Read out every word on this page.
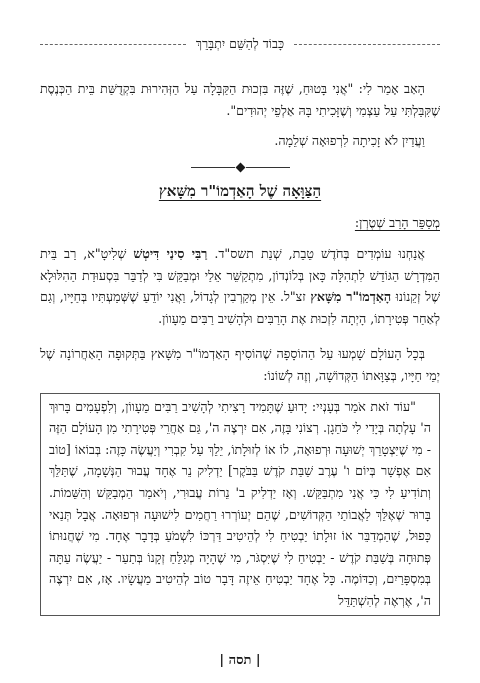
כָּבוֹד לְהַשֵּׁם יִתְבָּרֵךְ

הָאַב אָמַר לִי: "אֲנִי בָּטוּחַ, שֶׁזֶּה בִּזְכוּת הַקַּבָּלָה עַל הַזְּהִירוּת בִּקְדֻשַּׁת בֵּית הַכְּנֶסֶת שֶׁקִּבַּלְתִּי עַל עַצְמִי וְשֶׁזָּכִיתִי בָּהּ אַלְפֵי יְהוּדִים".

וַעֲדַיִן לֹא זָכִיתָה לִרְפוּאָה שְׁלֵמָה.

הַצַּוָּאָה שֶׁל הָאַדְמוֹ"ר מִשָּׁאץ

מְסַפֵּר הָרַב שְׁטֶרְן:

אֲנַחְנוּ עוֹמְדִים בְּחֹדֶשׁ טֵבֵת, שְׁנַת תשס"ד. רַבִּי סִינַי דִּיטְשׁ שְׁלִיטָ"א, רַב בֵּית הַמִּדְרָשׁ הַגּוֹדֵשׁ לִתְהִלָּה כָּאן בְּלוֹנְדוֹן, מִתְקַשֵּׁר אֵלַי וּמְבַקֵּשׁ בִּי לְדַבֵּר בִּסְעוּדַת הַהִלּוּלָא שֶׁל זְקֵנוֹנוּ הָאַדְמוֹ"ר מִשָּׁאץ זצ"ל. אֵין מְקַרְבִין לְגָדוֹל, וַאֲנִי יוֹדֵעַ שֶׁשְּׁמַעְתִּיו בְּחַיָּיו, וְגַם לְאַחַר פְּטִירָתוֹ, הָיְתָה לִזְכוּת אֶת הָרַבִּים וּלְהָשִׁיב רַבִּים מֵעָווֹן.

בְּכָל הָעוֹלָם שָׁמְעוּ עַל הַהוֹסָפָה שֶׁהוֹסִיף הָאַדְמוֹ"ר מִשָּׁאץ בַּתְּקוּפָה הָאַחֲרוֹנָה שֶׁל יְמֵי חַיָּיו, בְּצַוָּאתוֹ הַקְּדוֹשָׁה, וְזֶה לְשׁוֹנוֹ:

"עוֹד זֹאת אֹמַר בְּעָנְיִי: יָדוּעַ שֶׁתָּמִיד רָצִיתִי לְהָשִׁיב רַבִּים מֵעָווֹן, וְלִפְעָמִים בָּרוּךְ ה' עָלְתָה בְּיָדִי לִי כֹּחֵגָן. רְצוֹנִי בָּזֶה, אִם יִרְצֶה ה', גַּם אַחֲרֵי פְּטִירָתִי מִן הָעוֹלָם הַזֶּה - מִי שֶׁיִּצְטָרֵךְ יְשׁוּעָה וּרְפוּאָה, לוֹ אוֹ לְזוּלָתוֹ, יֵלֵךְ עַל קִבְרִי וְיַעֲשֶׂה כָּזֶה: בְּבוֹאוֹ [טוֹב אִם אֶפְשָׁר בְּיוֹם ו' עֶרֶב שַׁבַּת קֹדֶשׁ בַּבֹּקֶר] יַדְלִיק נֵר אֶחָד עֲבוּר הַנְּשָׁמָה, שֶׁתַּלֵּךְ וְתוֹדִיעַ לִי כִּי אֲנִי מִתְבַּקֵּשׁ. וְאָז יַדְלִיק ב' נֵרוֹת עֲבוּרִי, וְיֹאמַר הַמְבַקֵּשׁ וְהַשֵּׁמוֹת. בָּרוּר שֶׁאֶלֵּךְ לַאֲבוֹתַי הַקְּדוֹשִׁים, שֶׁהֵם יְעוֹרְרוּ רַחֲמִים לִישׁוּעָה וּרְפוּאָה. אֲבָל תְּנַאי כָּפוּל, שֶׁהַמְדַבֵּר אוֹ זוּלָתוֹ יַבְטִיחַ לִי לְהֵיטִיב דַּרְכּוֹ לִשְׁמֹעַ בְּדָבָר אֶחָד. מִי שֶׁחֲנוּתוֹ פְּתוּחָה בְּשַׁבַּת קֹדֶשׁ - יַבְטִיחַ לִי שֶׁיִּסְגֹּר, מִי שֶׁהָיָה מְגַלֵּחַ זְקָנוֹ בְּתַעַר - יַעֲשֶׂה עַתָּה בְּמִסְפָּרַיִם, וְכַדּוֹמֶה. כָּל אֶחָד יַבְטִיחַ אֵיזֶה דָּבָר טוֹב לְהֵיטִיב מַעֲשָׂיו. אָז, אִם יִרְצֶה ה', אֶרְאֶה לְהִשְׁתַּדֵּל

| תסה |
